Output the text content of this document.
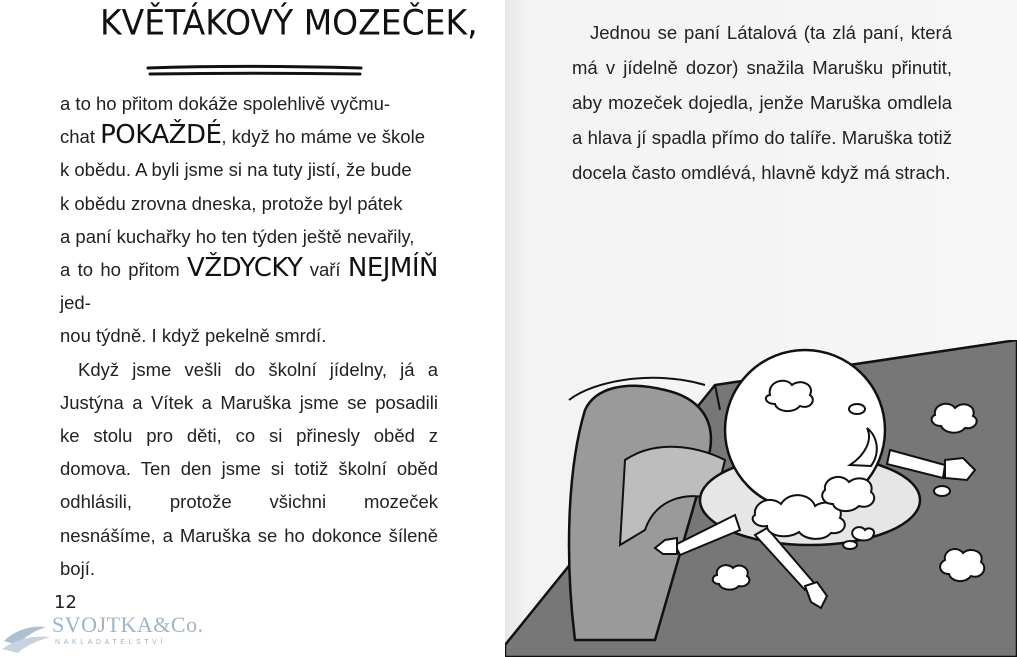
KVĚTÁKOVÝ MOZEČEK,

a to ho přitom dokáže spolehlivě vyčmu-
chat POKAŽDÉ, když ho máme ve škole
k obědu. A byli jsme si na tuty jistí, že bude
k obědu zrovna dneska, protože byl pátek
a paní kuchařky ho ten týden ještě nevařily,
a to ho přitom VŽDYCKY vaří NEJMÍŇ jed-
nou týdně. I když pekelně smrdí.

Když jsme vešli do školní jídelny, já a Justýna a Vítek a Maruška jsme se posadili ke stolu pro děti, co si přinesly oběd z domova. Ten den jsme si totiž školní oběd odhlásili, protože všichni mozeček nesnášíme, a Maruška se ho dokonce šíleně bojí.

12
SVOJTKA&Co.
NAKLADATELSTVÍ

Jednou se paní Látalová (ta zlá paní, která má v jídelně dozor) snažila Marušku přinutit, aby mozeček dojedla, jenže Maruška omdlela a hlava jí spadla přímo do talíře. Maruška totiž docela často omdlévá, hlavně když má strach.
